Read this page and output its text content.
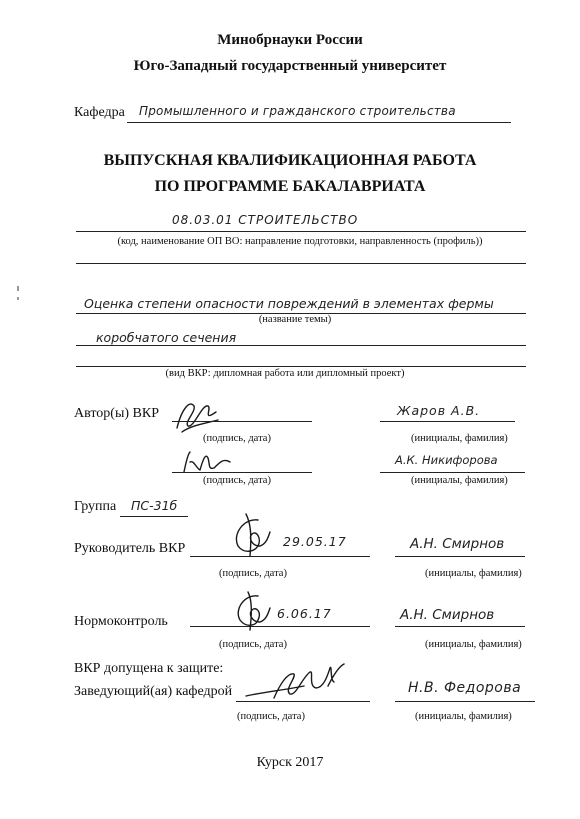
Минобрнауки России
Юго-Западный государственный университет
Кафедра Промышленного и гражданского строительства
ВЫПУСКНАЯ КВАЛИФИКАЦИОННАЯ РАБОТА
ПО ПРОГРАММЕ БАКАЛАВРИАТА
08.03.01 СТРОИТЕЛЬСТВО
(код, наименование ОП ВО: направление подготовки, направленность (профиль))
Оценка степени опасности повреждений в элементах фермы
(название темы)
коробчатого сечения
(вид ВКР: дипломная работа или дипломный проект)
Автор(ы) ВКР
(подпись, дата)
Жаров А.В.
(инициалы, фамилия)
(подпись, дата)
А.К. Никифорова
(инициалы, фамилия)
Группа ПС-31б
Руководитель ВКР	29.05.17
(подпись, дата)
А.Н. Смирнов
(инициалы, фамилия)
Нормоконтроль
6.06.17
(подпись, дата)
А.Н. Смирнов
(инициалы, фамилия)
ВКР допущена к защите:
Заведующий(ая) кафедрой
(подпись, дата)
Н.В. Федорова
(инициалы, фамилия)
Курск 2017
